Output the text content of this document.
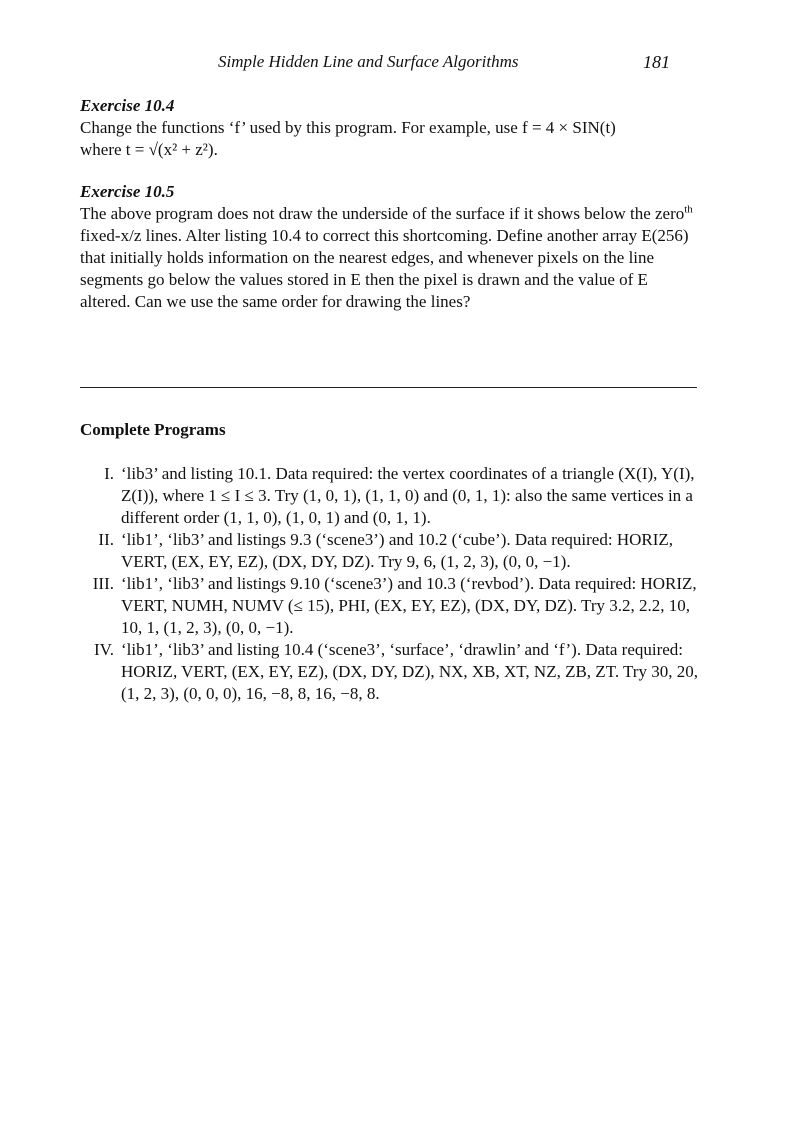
Simple Hidden Line and Surface Algorithms	181

Exercise 10.4

Change the functions ‘f’ used by this program. For example, use f = 4 × SIN(t)

where t = √(x² + z²).

Exercise 10.5

The above program does not draw the underside of the surface if it shows below the zero$^{th}$ fixed-x/z lines. Alter listing 10.4 to correct this shortcoming. Define another array E(256) that initially holds information on the nearest edges, and whenever pixels on the line segments go below the values stored in E then the pixel is drawn and the value of E altered. Can we use the same order for drawing the lines?

Complete Programs

I. ‘lib3’ and listing 10.1. Data required: the vertex coordinates of a triangle (X(I), Y(I), Z(I)), where 1 ≤ I ≤ 3. Try (1, 0, 1), (1, 1, 0) and (0, 1, 1): also the same vertices in a different order (1, 1, 0), (1, 0, 1) and (0, 1, 1).
II. ‘lib1’, ‘lib3’ and listings 9.3 (‘scene3’) and 10.2 (‘cube’). Data required: HORIZ, VERT, (EX, EY, EZ), (DX, DY, DZ). Try 9, 6, (1, 2, 3), (0, 0, −1).
III. ‘lib1’, ‘lib3’ and listings 9.10 (‘scene3’) and 10.3 (‘revbod’). Data required: HORIZ, VERT, NUMH, NUMV (≤ 15), PHI, (EX, EY, EZ), (DX, DY, DZ). Try 3.2, 2.2, 10, 10, 1, (1, 2, 3), (0, 0, −1).
IV. ‘lib1’, ‘lib3’ and listing 10.4 (‘scene3’, ‘surface’, ‘drawlin’ and ‘f’). Data required: HORIZ, VERT, (EX, EY, EZ), (DX, DY, DZ), NX, XB, XT, NZ, ZB, ZT. Try 30, 20, (1, 2, 3), (0, 0, 0), 16, −8, 8, 16, −8, 8.
